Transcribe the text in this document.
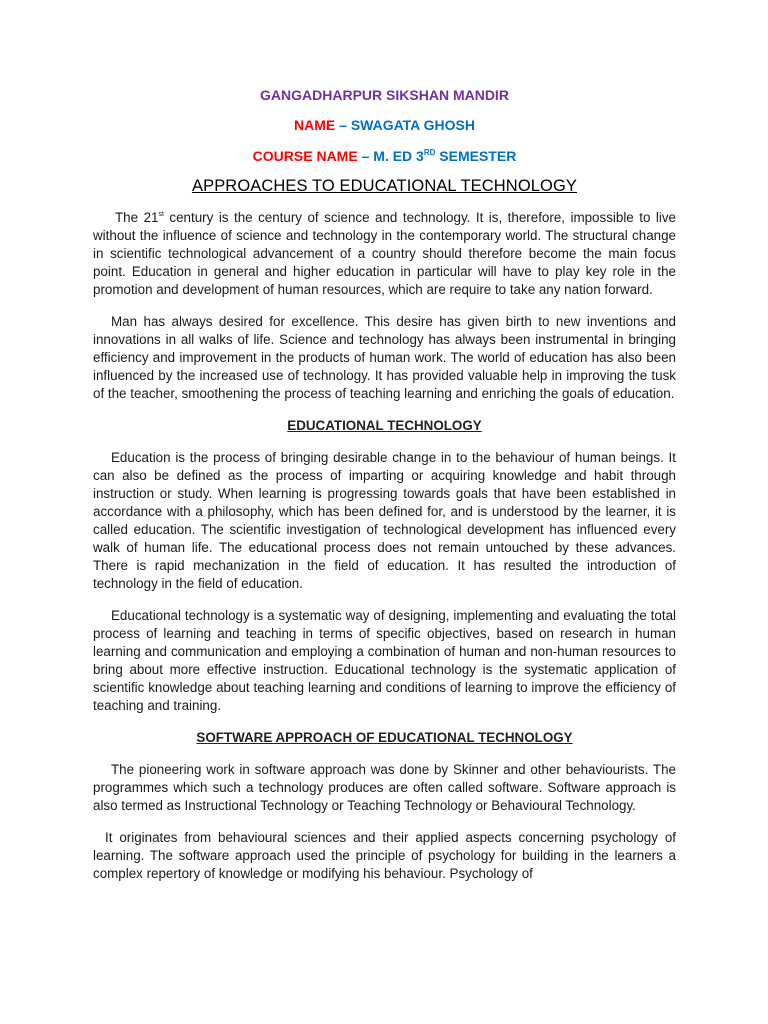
GANGADHARPUR SIKSHAN MANDIR
NAME – SWAGATA GHOSH
COURSE NAME – M. ED 3RD SEMESTER
APPROACHES TO EDUCATIONAL TECHNOLOGY

The 21st century is the century of science and technology. It is, therefore, impossible to live without the influence of science and technology in the contemporary world. The structural change in scientific technological advancement of a country should therefore become the main focus point. Education in general and higher education in particular will have to play key role in the promotion and development of human resources, which are require to take any nation forward.

Man has always desired for excellence. This desire has given birth to new inventions and innovations in all walks of life. Science and technology has always been instrumental in bringing efficiency and improvement in the products of human work. The world of education has also been influenced by the increased use of technology. It has provided valuable help in improving the tusk of the teacher, smoothening the process of teaching learning and enriching the goals of education.

EDUCATIONAL TECHNOLOGY

Education is the process of bringing desirable change in to the behaviour of human beings. It can also be defined as the process of imparting or acquiring knowledge and habit through instruction or study. When learning is progressing towards goals that have been established in accordance with a philosophy, which has been defined for, and is understood by the learner, it is called education. The scientific investigation of technological development has influenced every walk of human life. The educational process does not remain untouched by these advances. There is rapid mechanization in the field of education. It has resulted the introduction of technology in the field of education.

Educational technology is a systematic way of designing, implementing and evaluating the total process of learning and teaching in terms of specific objectives, based on research in human learning and communication and employing a combination of human and non-human resources to bring about more effective instruction. Educational technology is the systematic application of scientific knowledge about teaching learning and conditions of learning to improve the efficiency of teaching and training.

SOFTWARE APPROACH OF EDUCATIONAL TECHNOLOGY

The pioneering work in software approach was done by Skinner and other behaviourists. The programmes which such a technology produces are often called software. Software approach is also termed as Instructional Technology or Teaching Technology or Behavioural Technology.

It originates from behavioural sciences and their applied aspects concerning psychology of learning. The software approach used the principle of psychology for building in the learners a complex repertory of knowledge or modifying his behaviour. Psychology of
